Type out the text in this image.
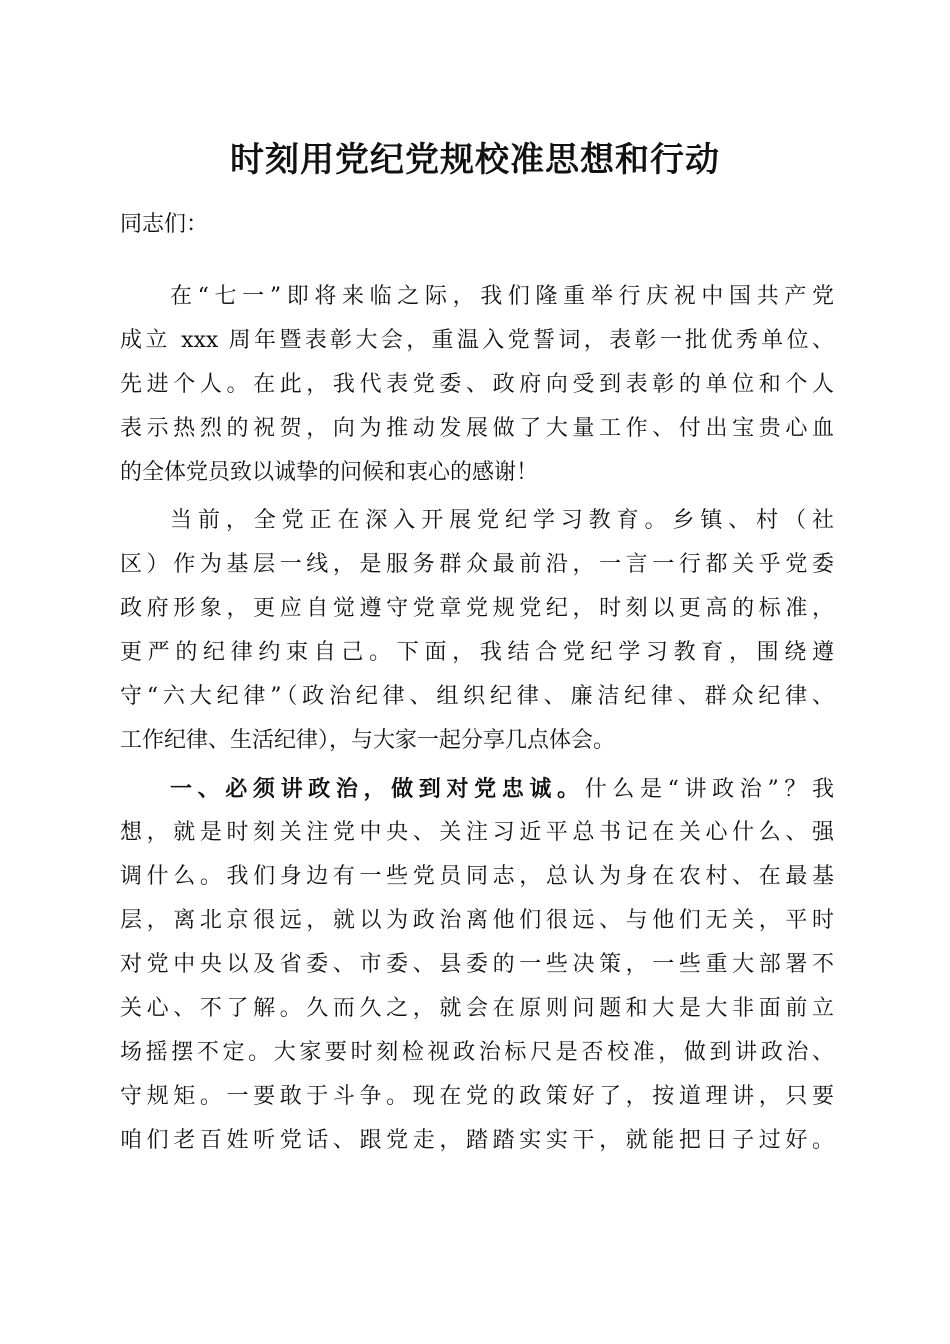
时刻用党纪党规校准思想和行动

同志们：

在“七一”即将来临之际，我们隆重举行庆祝中国共产党

成立 xxx 周年暨表彰大会，重温入党誓词，表彰一批优秀单位、

先进个人。在此，我代表党委、政府向受到表彰的单位和个人

表示热烈的祝贺，向为推动发展做了大量工作、付出宝贵心血

的全体党员致以诚挚的问候和衷心的感谢！

当前，全党正在深入开展党纪学习教育。乡镇、村（社

区）作为基层一线，是服务群众最前沿，一言一行都关乎党委

政府形象，更应自觉遵守党章党规党纪，时刻以更高的标准，

更严的纪律约束自己。下面，我结合党纪学习教育，围绕遵

守“六大纪律”（政治纪律、组织纪律、廉洁纪律、群众纪律、

工作纪律、生活纪律），与大家一起分享几点体会。

一、必须讲政治，做到对党忠诚。什么是“讲政治”？我

想，就是时刻关注党中央、关注习近平总书记在关心什么、强

调什么。我们身边有一些党员同志，总认为身在农村、在最基

层，离北京很远，就以为政治离他们很远、与他们无关，平时

对党中央以及省委、市委、县委的一些决策，一些重大部署不

关心、不了解。久而久之，就会在原则问题和大是大非面前立

场摇摆不定。大家要时刻检视政治标尺是否校准，做到讲政治、

守规矩。一要敢于斗争。现在党的政策好了，按道理讲，只要

咱们老百姓听党话、跟党走，踏踏实实干，就能把日子过好。
